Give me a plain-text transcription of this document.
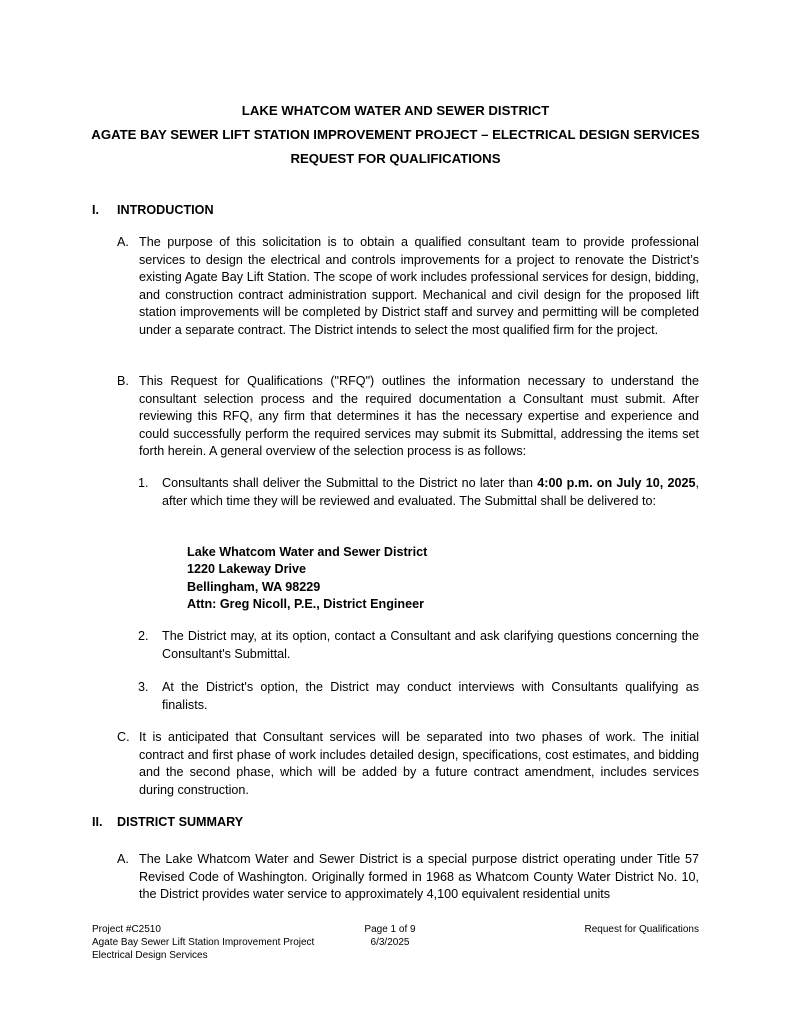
LAKE WHATCOM WATER AND SEWER DISTRICT
AGATE BAY SEWER LIFT STATION IMPROVEMENT PROJECT – ELECTRICAL DESIGN SERVICES
REQUEST FOR QUALIFICATIONS
I. INTRODUCTION
A. The purpose of this solicitation is to obtain a qualified consultant team to provide professional services to design the electrical and controls improvements for a project to renovate the District’s existing Agate Bay Lift Station. The scope of work includes professional services for design, bidding, and construction contract administration support. Mechanical and civil design for the proposed lift station improvements will be completed by District staff and survey and permitting will be completed under a separate contract. The District intends to select the most qualified firm for the project.
B. This Request for Qualifications ("RFQ") outlines the information necessary to understand the consultant selection process and the required documentation a Consultant must submit. After reviewing this RFQ, any firm that determines it has the necessary expertise and experience and could successfully perform the required services may submit its Submittal, addressing the items set forth herein. A general overview of the selection process is as follows:
1. Consultants shall deliver the Submittal to the District no later than 4:00 p.m. on July 10, 2025, after which time they will be reviewed and evaluated. The Submittal shall be delivered to:
Lake Whatcom Water and Sewer District
1220 Lakeway Drive
Bellingham, WA 98229
Attn: Greg Nicoll, P.E., District Engineer
2. The District may, at its option, contact a Consultant and ask clarifying questions concerning the Consultant's Submittal.
3. At the District's option, the District may conduct interviews with Consultants qualifying as finalists.
C. It is anticipated that Consultant services will be separated into two phases of work. The initial contract and first phase of work includes detailed design, specifications, cost estimates, and bidding and the second phase, which will be added by a future contract amendment, includes services during construction.
II. DISTRICT SUMMARY
A. The Lake Whatcom Water and Sewer District is a special purpose district operating under Title 57 Revised Code of Washington. Originally formed in 1968 as Whatcom County Water District No. 10, the District provides water service to approximately 4,100 equivalent residential units
Project #C2510
Agate Bay Sewer Lift Station Improvement Project
Electrical Design Services
Page 1 of 9
6/3/2025
Request for Qualifications
